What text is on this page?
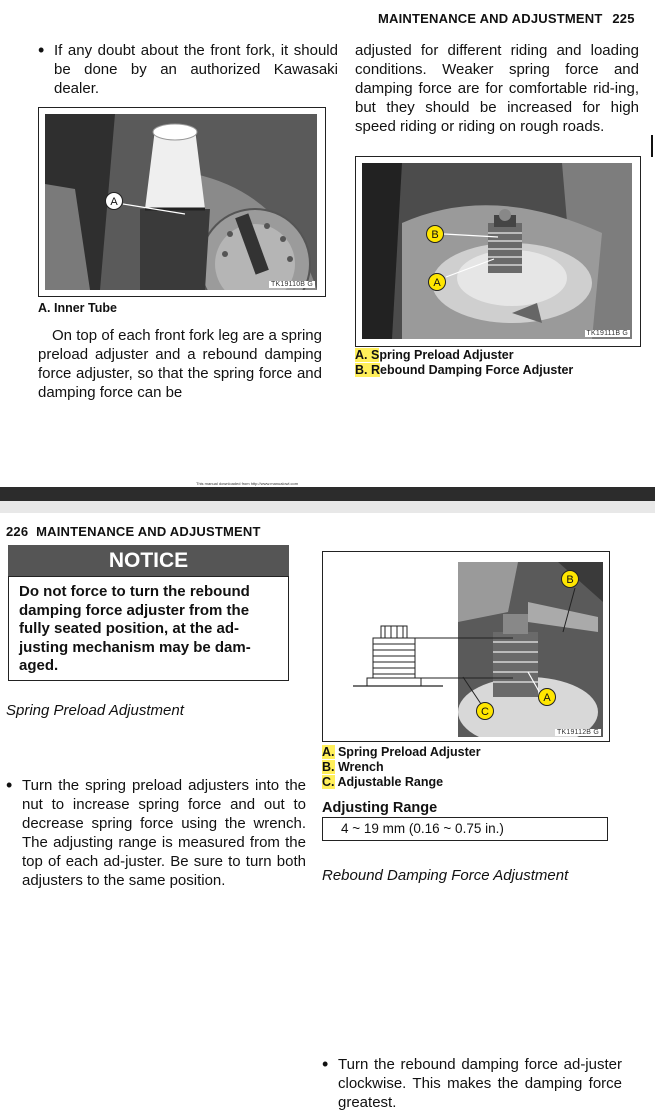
MAINTENANCE AND ADJUSTMENT 225
• If any doubt about the front fork, it should be done by an authorized Kawasaki dealer.
A
TK19110B G
A. Inner Tube
On top of each front fork leg are a spring preload adjuster and a rebound damping force adjuster, so that the spring force and damping force can be
adjusted for different riding and loading conditions. Weaker spring force and damping force are for comfortable rid-ing, but they should be increased for high speed riding or riding on rough roads.
B
A
TK19111B G
A. Spring Preload Adjuster
B. Rebound Damping Force Adjuster
This manual downloaded from http://www.manualowl.com
226 MAINTENANCE AND ADJUSTMENT
NOTICE
Do not force to turn the rebound damping force adjuster from the fully seated position, at the ad-justing mechanism may be dam-aged.
Spring Preload Adjustment
• Turn the spring preload adjusters into the nut to increase spring force and out to decrease spring force using the wrench. The adjusting range is measured from the top of each ad-juster. Be sure to turn both adjusters to the same position.
B
A
C
TK19112B G
A. Spring Preload Adjuster
B. Wrench
C. Adjustable Range
Adjusting Range
4 ~ 19 mm (0.16 ~ 0.75 in.)
Rebound Damping Force Adjustment
• Turn the rebound damping force ad-juster clockwise. This makes the damping force greatest.
